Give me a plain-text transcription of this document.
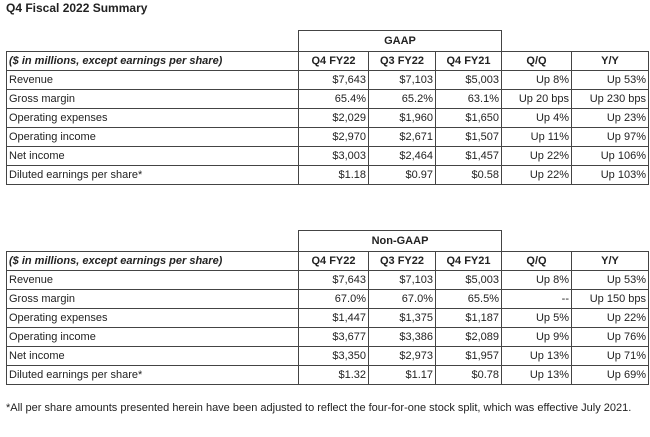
Q4 Fiscal 2022 Summary
	GAAP				
($ in millions, except earnings per share)	Q4 FY22	Q3 FY22	Q4 FY21	Q/Q	Y/Y
Revenue	$7,643	$7,103	$5,003	Up 8%	Up 53%
Gross margin	65.4%	65.2%	63.1%	Up 20 bps	Up 230 bps
Operating expenses	$2,029	$1,960	$1,650	Up 4%	Up 23%
Operating income	$2,970	$2,671	$1,507	Up 11%	Up 97%
Net income	$3,003	$2,464	$1,457	Up 22%	Up 106%
Diluted earnings per share*	$1.18	$0.97	$0.58	Up 22%	Up 103%
	Non-GAAP				
($ in millions, except earnings per share)	Q4 FY22	Q3 FY22	Q4 FY21	Q/Q	Y/Y
Revenue	$7,643	$7,103	$5,003	Up 8%	Up 53%
Gross margin	67.0%	67.0%	65.5%	--	Up 150 bps
Operating expenses	$1,447	$1,375	$1,187	Up 5%	Up 22%
Operating income	$3,677	$3,386	$2,089	Up 9%	Up 76%
Net income	$3,350	$2,973	$1,957	Up 13%	Up 71%
Diluted earnings per share*	$1.32	$1.17	$0.78	Up 13%	Up 69%
*All per share amounts presented herein have been adjusted to reflect the four-for-one stock split, which was effective July 2021.
